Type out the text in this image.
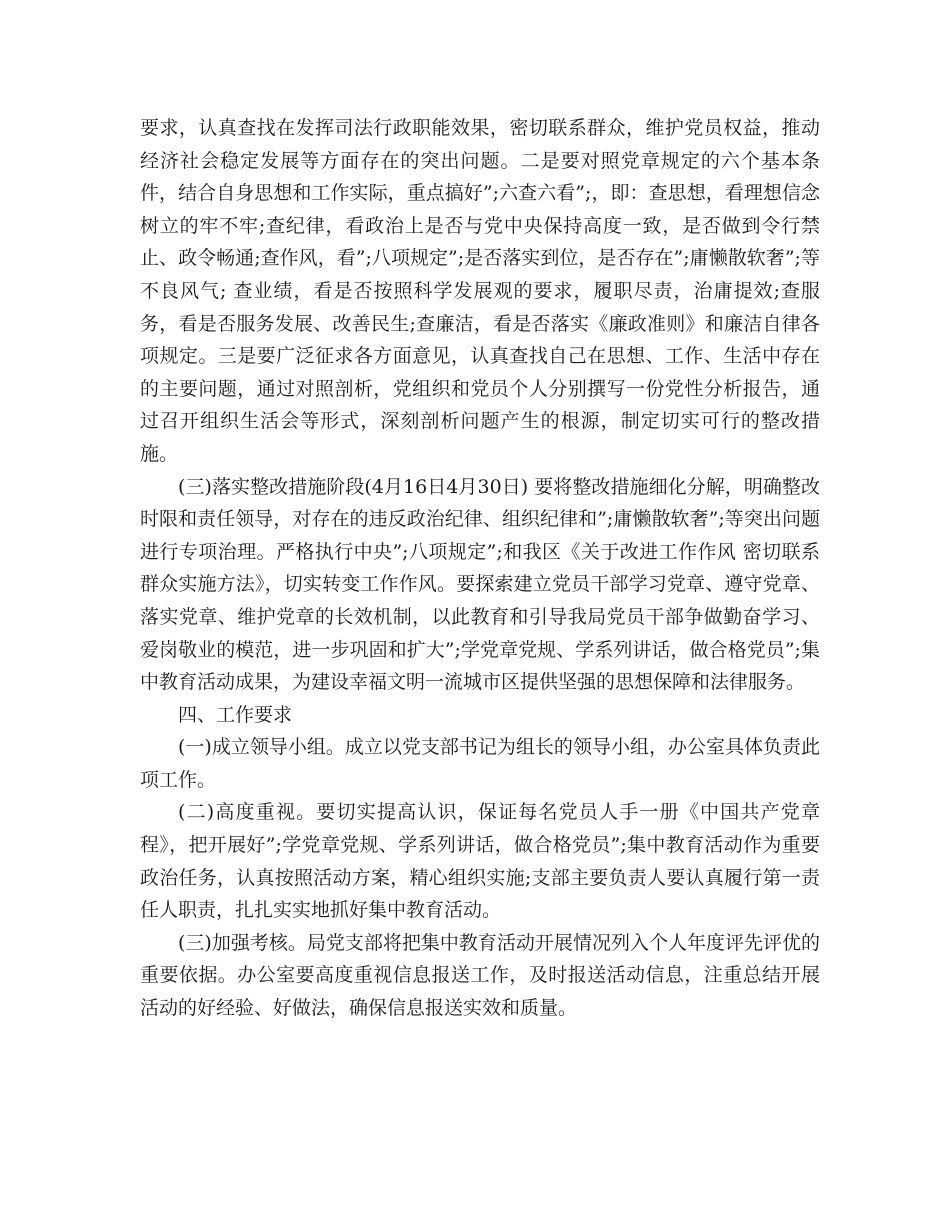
要求，认真查找在发挥司法行政职能效果，密切联系群众，维护党员权益，推动经济社会稳定发展等方面存在的突出问题。二是要对照党章规定的六个基本条件，结合自身思想和工作实际，重点搞好”;六查六看”;，即：查思想，看理想信念树立的牢不牢;查纪律，看政治上是否与党中央保持高度一致，是否做到令行禁止、政令畅通;查作风，看”;八项规定”;是否落实到位，是否存在”;庸懒散软奢”;等不良风气; 查业绩，看是否按照科学发展观的要求，履职尽责，治庸提效;查服务，看是否服务发展、改善民生;查廉洁，看是否落实《廉政准则》和廉洁自律各项规定。三是要广泛征求各方面意见，认真查找自己在思想、工作、生活中存在的主要问题，通过对照剖析，党组织和党员个人分别撰写一份党性分析报告，通过召开组织生活会等形式，深刻剖析问题产生的根源，制定切实可行的整改措施。

(三)落实整改措施阶段(4月16日4月30日) 要将整改措施细化分解，明确整改时限和责任领导，对存在的违反政治纪律、组织纪律和”;庸懒散软奢”;等突出问题进行专项治理。严格执行中央”;八项规定”;和我区《关于改进工作作风 密切联系群众实施方法》，切实转变工作作风。要探索建立党员干部学习党章、遵守党章、落实党章、维护党章的长效机制，以此教育和引导我局党员干部争做勤奋学习、爱岗敬业的模范，进一步巩固和扩大”;学党章党规、学系列讲话，做合格党员”;集中教育活动成果，为建设幸福文明一流城市区提供坚强的思想保障和法律服务。

四、工作要求

(一)成立领导小组。成立以党支部书记为组长的领导小组，办公室具体负责此项工作。

(二)高度重视。要切实提高认识，保证每名党员人手一册《中国共产党章程》，把开展好”;学党章党规、学系列讲话，做合格党员”;集中教育活动作为重要政治任务，认真按照活动方案，精心组织实施;支部主要负责人要认真履行第一责任人职责，扎扎实实地抓好集中教育活动。

(三)加强考核。局党支部将把集中教育活动开展情况列入个人年度评先评优的重要依据。办公室要高度重视信息报送工作，及时报送活动信息，注重总结开展活动的好经验、好做法，确保信息报送实效和质量。
